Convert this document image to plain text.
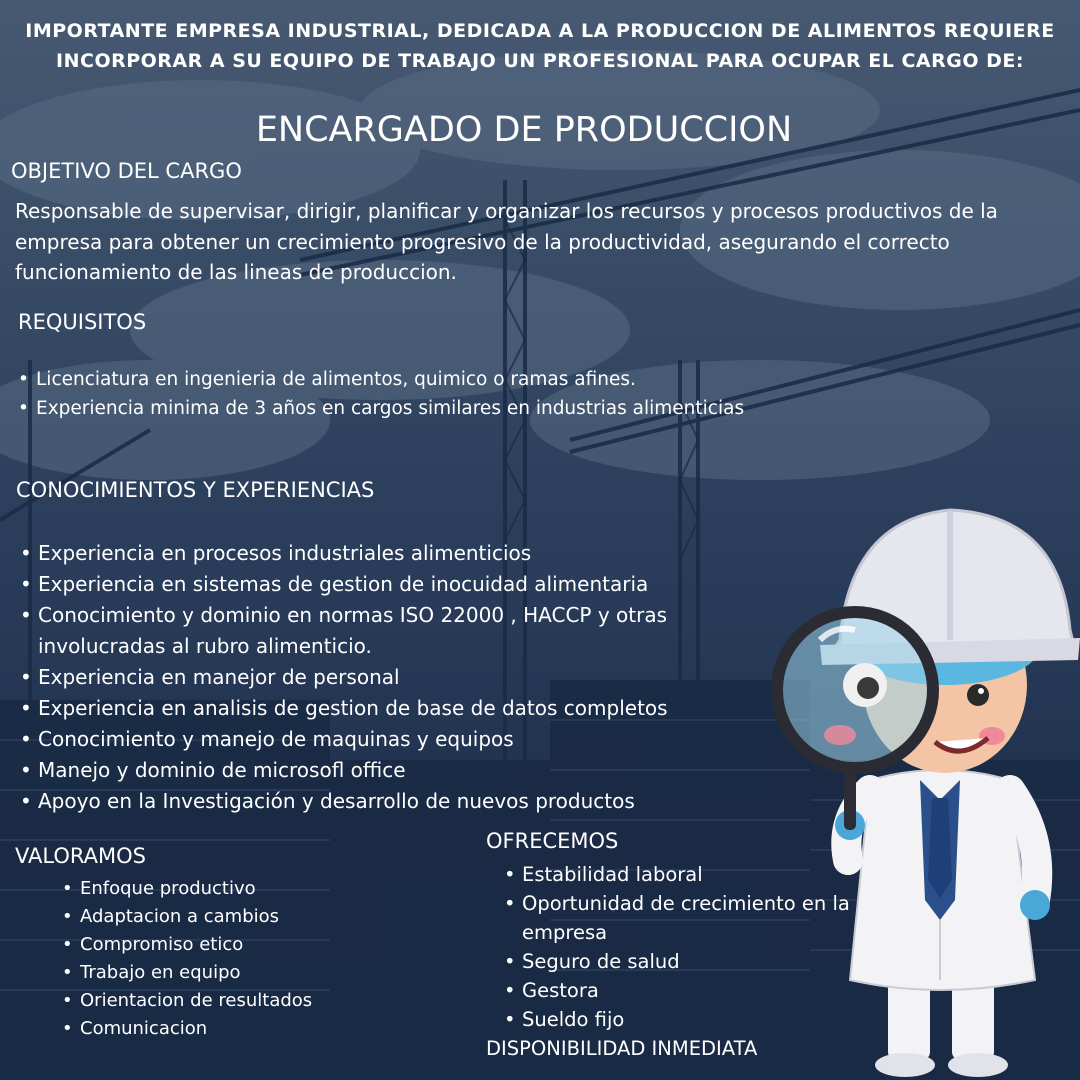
IMPORTANTE EMPRESA INDUSTRIAL, DEDICADA A LA PRODUCCION DE ALIMENTOS REQUIERE INCORPORAR A SU EQUIPO DE TRABAJO UN PROFESIONAL PARA OCUPAR EL CARGO DE:
ENCARGADO DE PRODUCCION
OBJETIVO DEL CARGO
Responsable de supervisar, dirigir, planificar y organizar los recursos y procesos productivos de la empresa para obtener un crecimiento progresivo de la productividad, asegurando el correcto funcionamiento de las lineas de produccion.
REQUISITOS
• Licenciatura en ingenieria de alimentos, quimico o ramas afines.
• Experiencia minima de 3 años en cargos similares en industrias alimenticias
CONOCIMIENTOS Y EXPERIENCIAS
• Experiencia en procesos industriales alimenticios
• Experiencia en sistemas de gestion de inocuidad alimentaria
• Conocimiento y dominio en normas ISO 22000 , HACCP y otras involucradas al rubro alimenticio.
• Experiencia en manejor de personal
• Experiencia en analisis de gestion de base de datos completos
• Conocimiento y manejo de maquinas y equipos
• Manejo y dominio de microsofl office
• Apoyo en la Investigación y desarrollo de nuevos productos
VALORAMOS
• Enfoque productivo
• Adaptacion a cambios
• Compromiso etico
• Trabajo en equipo
• Orientacion de resultados
• Comunicacion
OFRECEMOS
• Estabilidad laboral
• Oportunidad de crecimiento en la empresa
• Seguro de salud
• Gestora
• Sueldo fijo
DISPONIBILIDAD INMEDIATA
